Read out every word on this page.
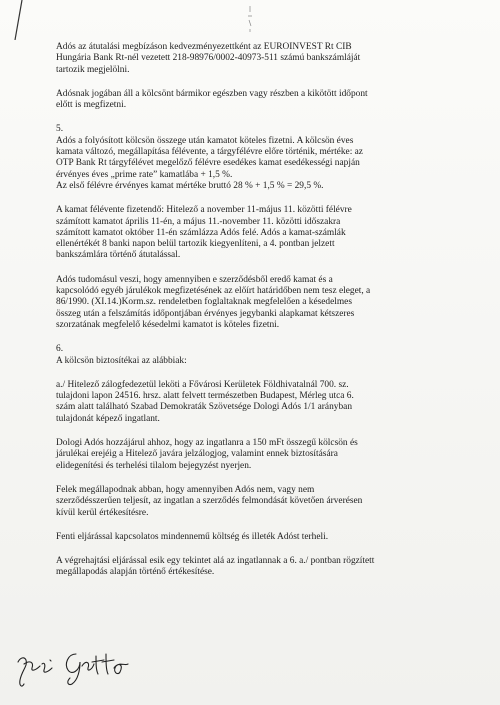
Adós az átutalási megbízáson kedvezményezettként az EUROINVEST Rt CIB
Hungária Bank Rt-nél vezetett 218-98976/0002-40973-511 számú bankszámláját
tartozik megjelölni.

Adósnak jogában áll a kölcsönt bármikor egészben vagy részben a kikötött időpont
előtt is megfizetni.

5.
Adós a folyósított kölcsön összege után kamatot köteles fizetni. A kölcsön éves
kamata változó, megállapítása félévente, a tárgyfélévre előre történik, mértéke: az
OTP Bank Rt tárgyfélévet megelőző félévre esedékes kamat esedékességi napján
érvényes éves „prime rate” kamatlába + 1,5 %.
Az első félévre érvényes kamat mértéke bruttó 28 % + 1,5 % = 29,5 %.

A kamat félévente fizetendő: Hitelező a november 11-május 11. közötti félévre
számított kamatot április 11-én, a május 11.-november 11. közötti időszakra
számított kamatot október 11-én számlázza Adós felé. Adós a kamat-számlák
ellenértékét 8 banki napon belül tartozik kiegyenlíteni, a 4. pontban jelzett
bankszámlára történő átutalással.

Adós tudomásul veszi, hogy amennyiben e szerződésből eredő kamat és a
kapcsolódó egyéb járulékok megfizetésének az előírt határidőben nem tesz eleget, a
86/1990. (XI.14.)Korm.sz. rendeletben foglaltaknak megfelelően a késedelmes
összeg után a felszámítás időpontjában érvényes jegybanki alapkamat kétszeres
szorzatának megfelelő késedelmi kamatot is köteles fizetni.

6.
A kölcsön biztosítékai az alábbiak:

a./ Hitelező zálogfedezetül leköti a Fővárosi Kerületek Földhivatalnál 700. sz.
tulajdoni lapon 24516. hrsz. alatt felvett természetben Budapest, Mérleg utca 6.
szám alatt található Szabad Demokraták Szövetsége Dologi Adós 1/1 arányban
tulajdonát képező ingatlant.

Dologi Adós hozzájárul ahhoz, hogy az ingatlanra a 150 mFt összegű kölcsön és
járulékai erejéig a Hitelező javára jelzálogjog, valamint ennek biztosítására
elidegenítési és terhelési tilalom bejegyzést nyerjen.

Felek megállapodnak abban, hogy amennyiben Adós nem, vagy nem
szerződésszerűen teljesít, az ingatlan a szerződés felmondását követően árverésen
kívül kerül értékesítésre.

Fenti eljárással kapcsolatos mindennemű költség és illeték Adóst terheli.

A végrehajtási eljárással esik egy tekintet alá az ingatlannak a 6. a./ pontban rögzített
megállapodás alapján történő értékesítése.
